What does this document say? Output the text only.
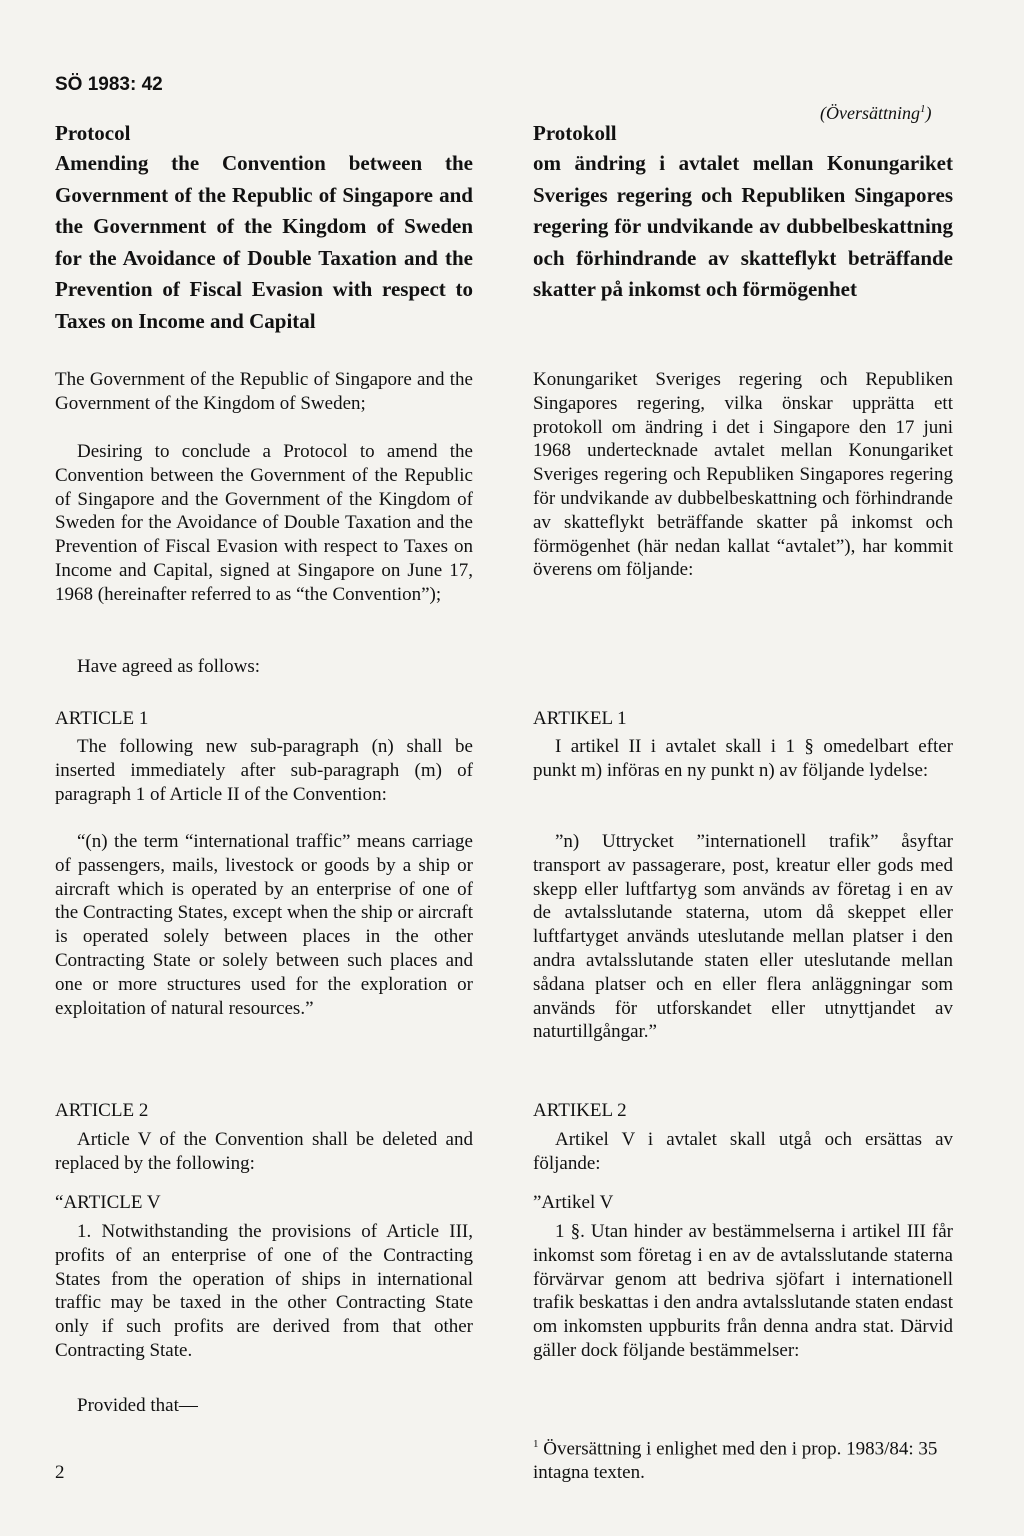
SÖ 1983: 42
(Översättning$^1$)
Protocol
Amending the Convention between the Government of the Republic of Singapore and the Government of the Kingdom of Sweden for the Avoidance of Double Taxation and the Prevention of Fiscal Evasion with respect to Taxes on Income and Capital

The Government of the Republic of Singapore and the Government of the Kingdom of Sweden;

Desiring to conclude a Protocol to amend the Convention between the Government of the Republic of Singapore and the Government of the Kingdom of Sweden for the Avoidance of Double Taxation and the Prevention of Fiscal Evasion with respect to Taxes on Income and Capital, signed at Singapore on June 17, 1968 (hereinafter referred to as “the Convention”);

Have agreed as follows:

ARTICLE 1

The following new sub-paragraph (n) shall be inserted immediately after sub-paragraph (m) of paragraph 1 of Article II of the Convention:

“(n) the term “international traffic” means carriage of passengers, mails, livestock or goods by a ship or aircraft which is operated by an enterprise of one of the Contracting States, except when the ship or aircraft is operated solely between places in the other Contracting State or solely between such places and one or more structures used for the exploration or exploitation of natural resources.”

ARTICLE 2

Article V of the Convention shall be deleted and replaced by the following:

“ARTICLE V

1. Notwithstanding the provisions of Article III, profits of an enterprise of one of the Contracting States from the operation of ships in international traffic may be taxed in the other Contracting State only if such profits are derived from that other Contracting State.

Provided that—

2
Protokoll
om ändring i avtalet mellan Konungariket Sveriges regering och Republiken Singapores regering för undvikande av dubbelbeskattning och förhindrande av skatteflykt beträffande skatter på inkomst och förmögenhet

Konungariket Sveriges regering och Republiken Singapores regering, vilka önskar upprätta ett protokoll om ändring i det i Singapore den 17 juni 1968 undertecknade avtalet mellan Konungariket Sveriges regering och Republiken Singapores regering för undvikande av dubbelbeskattning och förhindrande av skatteflykt beträffande skatter på inkomst och förmögenhet (här nedan kallat “avtalet”), har kommit överens om följande:

ARTIKEL 1

I artikel II i avtalet skall i 1 § omedelbart efter punkt m) införas en ny punkt n) av följande lydelse:

”n) Uttrycket ”internationell trafik” åsyftar transport av passagerare, post, kreatur eller gods med skepp eller luftfartyg som används av företag i en av de avtalsslutande staterna, utom då skeppet eller luftfartyget används uteslutande mellan platser i den andra avtalsslutande staten eller uteslutande mellan sådana platser och en eller flera anläggningar som används för utforskandet eller utnyttjandet av naturtillgångar.”

ARTIKEL 2

Artikel V i avtalet skall utgå och ersättas av följande:

”Artikel V

1 §. Utan hinder av bestämmelserna i artikel III får inkomst som företag i en av de avtalsslutande staterna förvärvar genom att bedriva sjöfart i internationell trafik beskattas i den andra avtalsslutande staten endast om inkomsten uppburits från denna andra stat. Därvid gäller dock följande bestämmelser:

$^1$ Översättning i enlighet med den i prop. 1983/84: 35 intagna texten.
